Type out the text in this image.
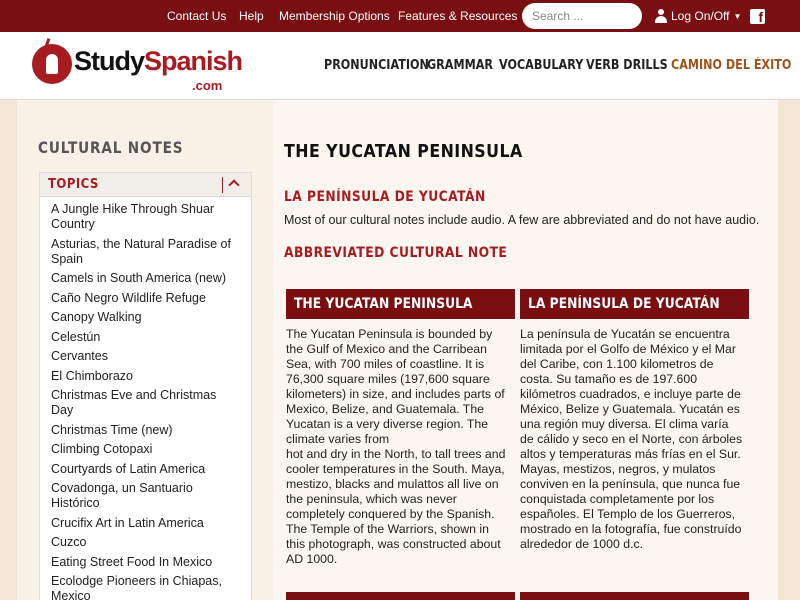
Contact Us Help Membership Options Features & Resources	Search ...	Log On/Off ▼	f
StudySpanish
.com
PRONUNCIATION
GRAMMAR VOCABULARY VERB DRILLS CAMINO DEL ÉXITO
CULTURAL NOTES
TOPICS
A Jungle Hike Through Shuar
Country
Asturias, the Natural Paradise of
Spain
Camels in South America (new)
Caño Negro Wildlife Refuge
Canopy Walking
Celestún
Cervantes
El Chimborazo
Christmas Eve and Christmas
Day
Christmas Time (new)
Climbing Cotopaxi
Courtyards of Latin America
Covadonga, un Santuario
Histórico
Crucifix Art in Latin America
Cuzco
Eating Street Food In Mexico
Ecolodge Pioneers in Chiapas,
Mexico
THE YUCATAN PENINSULA
LA PENÍNSULA DE YUCATÁN
Most of our cultural notes include audio. A few are abbreviated and do not have audio.
ABBREVIATED CULTURAL NOTE
THE YUCATAN PENINSULA	LA PENÍNSULA DE YUCATÁN
The Yucatan Peninsula is bounded by
the Gulf of Mexico and the Carribean
Sea, with 700 miles of coastline. It is
76,300 square miles (197,600 square
kilometers) in size, and includes parts of
Mexico, Belize, and Guatemala. The
Yucatan is a very diverse region. The
climate varies from
hot and dry in the North, to tall trees and
cooler temperatures in the South. Maya,
mestizo, blacks and mulattos all live on
the peninsula, which was never
completely conquered by the Spanish.
The Temple of the Warriors, shown in
this photograph, was constructed about
AD 1000.
La península de Yucatán se encuentra
limitada por el Golfo de México y el Mar
del Caribe, con 1.100 kilometros de
costa. Su tamaño es de 197.600
kilómetros cuadrados, e incluye parte de
México, Belize y Guatemala. Yucatán es
una región muy diversa. El clima varía
de cálido y seco en el Norte, con árboles
altos y temperaturas más frías en el Sur.
Mayas, mestizos, negros, y mulatos
conviven en la península, que nunca fue
conquistada completamente por los
españoles. El Templo de los Guerreros,
mostrado en la fotografía, fue construído
alrededor de 1000 d.c.
